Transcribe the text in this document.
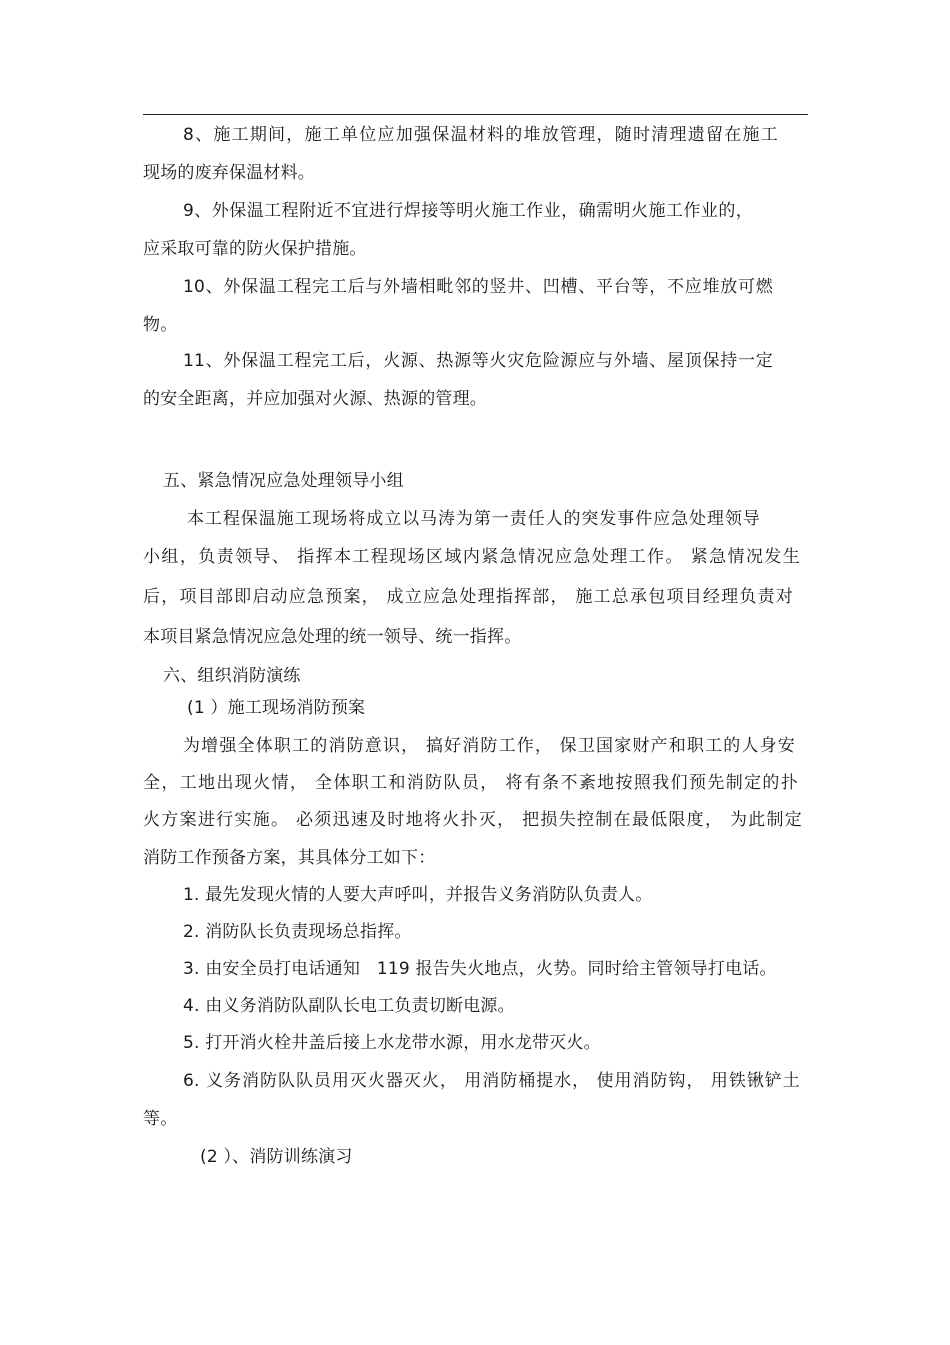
8、施工期间，施工单位应加强保温材料的堆放管理，随时清理遗留在施工
现场的废弃保温材料。
9、外保温工程附近不宜进行焊接等明火施工作业，确需明火施工作业的，
应采取可靠的防火保护措施。
10、外保温工程完工后与外墙相毗邻的竖井、凹槽、平台等，不应堆放可燃
物。
11、外保温工程完工后，火源、热源等火灾危险源应与外墙、屋顶保持一定
的安全距离，并应加强对火源、热源的管理。
五、紧急情况应急处理领导小组
本工程保温施工现场将成立以马涛为第一责任人的突发事件应急处理领导
小组，负责领导、 指挥本工程现场区域内紧急情况应急处理工作。 紧急情况发生
后，项目部即启动应急预案， 成立应急处理指挥部， 施工总承包项目经理负责对
本项目紧急情况应急处理的统一领导、统一指挥。
六、组织消防演练
(1 ）施工现场消防预案
为增强全体职工的消防意识， 搞好消防工作， 保卫国家财产和职工的人身安
全，工地出现火情， 全体职工和消防队员， 将有条不紊地按照我们预先制定的扑
火方案进行实施。 必须迅速及时地将火扑灭， 把损失控制在最低限度， 为此制定
消防工作预备方案，其具体分工如下：
1. 最先发现火情的人要大声呼叫，并报告义务消防队负责人。
2. 消防队长负责现场总指挥。
3. 由安全员打电话通知   119 报告失火地点，火势。同时给主管领导打电话。
4. 由义务消防队副队长电工负责切断电源。
5. 打开消火栓井盖后接上水龙带水源，用水龙带灭火。
6. 义务消防队队员用灭火器灭火， 用消防桶提水， 使用消防钩， 用铁锹铲土
等。
(2 ）、消防训练演习
